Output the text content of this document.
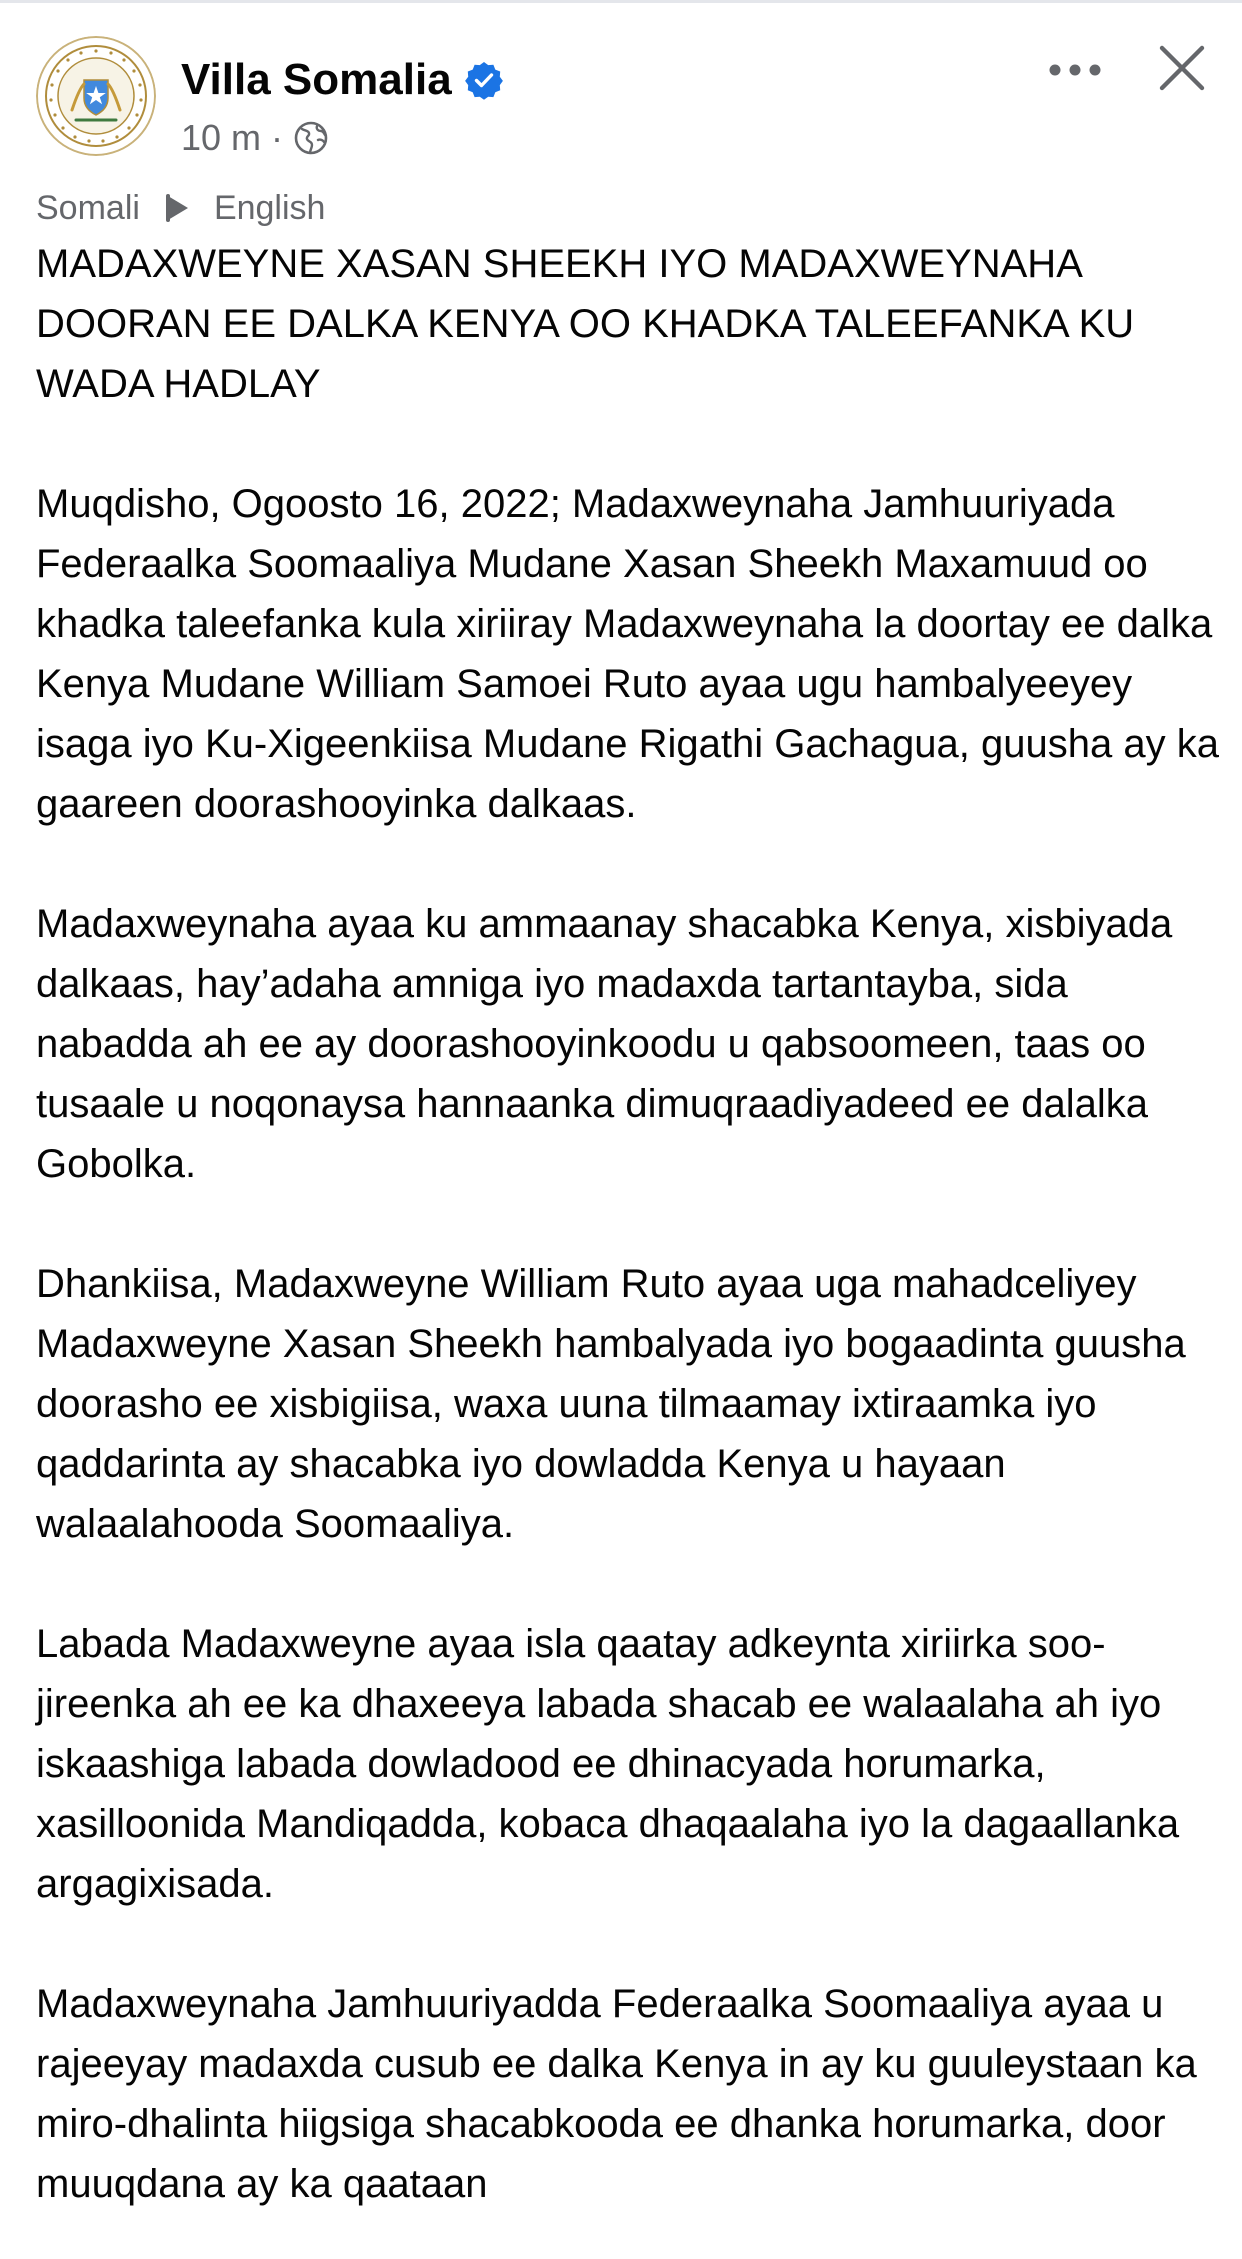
Villa Somalia
10 m ·
Somali English

MADAXWEYNE XASAN SHEEKH IYO MADAXWEYNAHA DOORAN EE DALKA KENYA OO KHADKA TALEEFANKA KU WADA HADLAY

Muqdisho, Ogoosto 16, 2022; Madaxweynaha Jamhuuriyada Federaalka Soomaaliya Mudane Xasan Sheekh Maxamuud oo khadka taleefanka kula xiriiray Madaxweynaha la doortay ee dalka Kenya Mudane William Samoei Ruto ayaa ugu hambalyeeyey isaga iyo Ku-Xigeenkiisa Mudane Rigathi Gachagua, guusha ay ka gaareen doorashooyinka dalkaas.

Madaxweynaha ayaa ku ammaanay shacabka Kenya, xisbiyada dalkaas, hay’adaha amniga iyo madaxda tartantayba, sida nabadda ah ee ay doorashooyinkoodu u qabsoomeen, taas oo tusaale u noqonaysa hannaanka dimuqraadiyadeed ee dalalka Gobolka.

Dhankiisa, Madaxweyne William Ruto ayaa uga mahadceliyey Madaxweyne Xasan Sheekh hambalyada iyo bogaadinta guusha doorasho ee xisbigiisa, waxa uuna tilmaamay ixtiraamka iyo qaddarinta ay shacabka iyo dowladda Kenya u hayaan walaalahooda Soomaaliya.

Labada Madaxweyne ayaa isla qaatay adkeynta xiriirka soo-jireenka ah ee ka dhaxeeya labada shacab ee walaalaha ah iyo iskaashiga labada dowladood ee dhinacyada horumarka, xasilloonida Mandiqadda, kobaca dhaqaalaha iyo la dagaallanka argagixisada.

Madaxweynaha Jamhuuriyadda Federaalka Soomaaliya ayaa u rajeeyay madaxda cusub ee dalka Kenya in ay ku guuleystaan ka miro-dhalinta hiigsiga shacabkooda ee dhanka horumarka, door muuqdana ay ka qaataan
